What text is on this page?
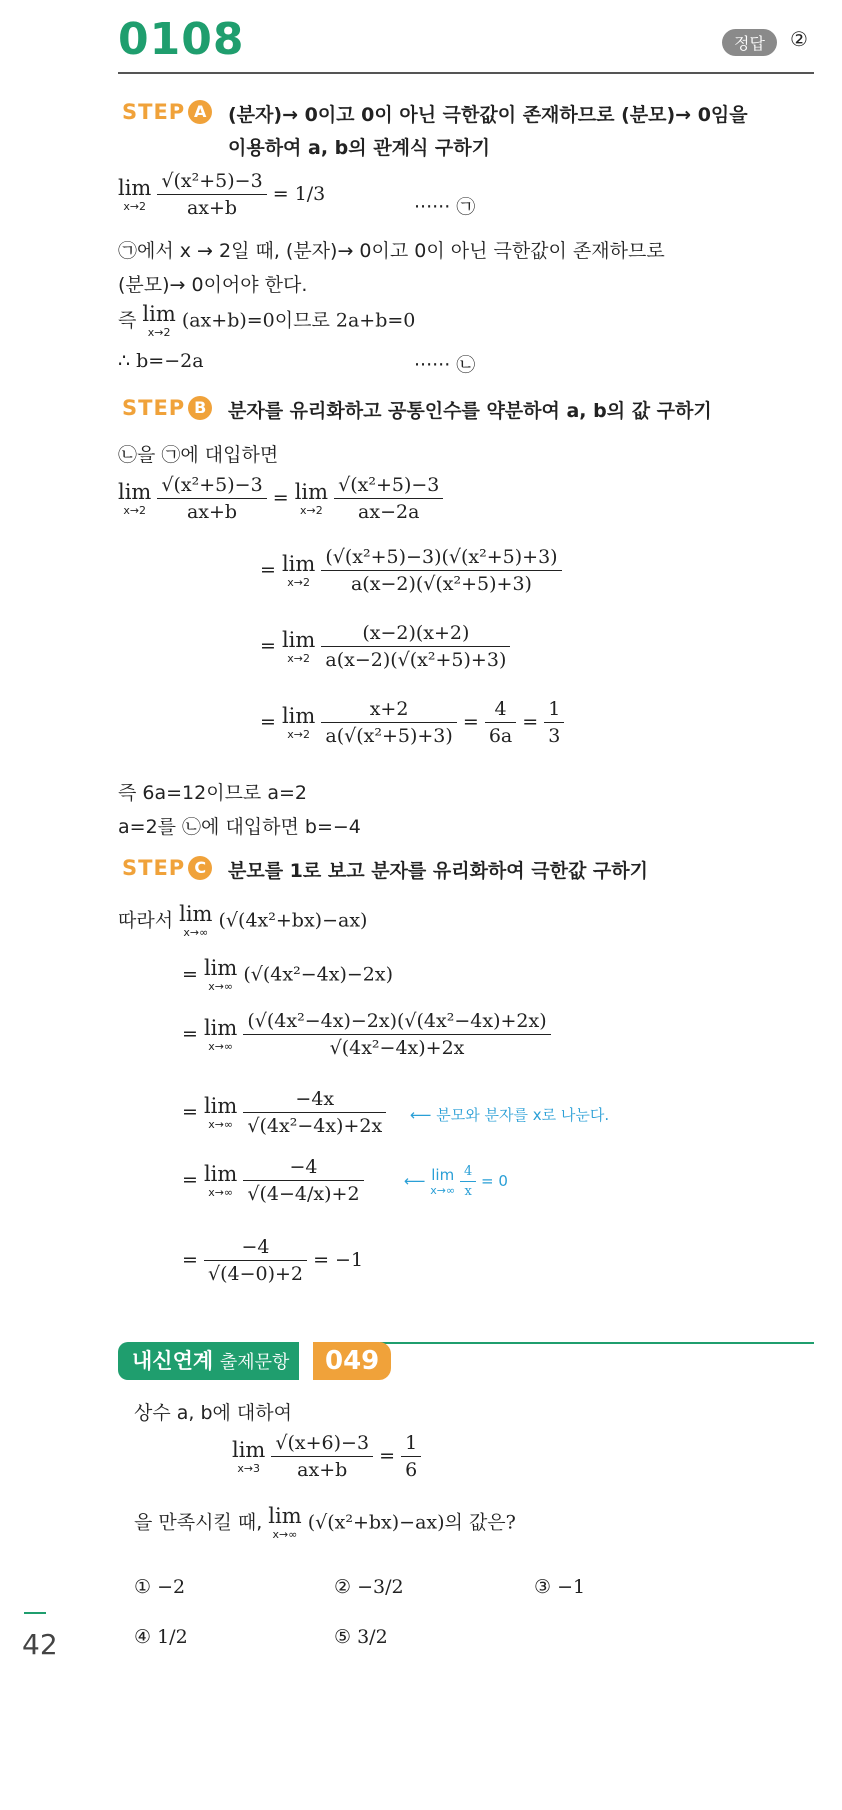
0108	정답	②
STEP A	(분자)→ 0이고 0이 아닌 극한값이 존재하므로 (분모)→ 0임을
이용하여 a, b의 관계식 구하기
lim
x→2
$\frac{\text{√(x²+5)−3}}{ax+b} = 1/3$
······ ㉠
㉠에서 x → 2일 때, (분자)→ 0이고 0이 아닌 극한값이 존재하므로
(분모)→ 0이어야 한다.
즉 lim
x→2
(ax+b)=0이므로 2a+b=0
∴ b=−2a	······ ㉡
STEP B	분자를 유리화하고 공통인수를 약분하여 a, b의 값 구하기
㉡을 ㉠에 대입하면
lim
x→2
$\frac{\text{√(x²+5)−3}}{ax+b} = \lim$
x→2
$\frac{\text{√(x²+5)−3}}{ax-2a}$
= lim
x→2
$\frac{\text{(√(x²+5)−3)(√(x²+5)+3)}}{\text{a(x−2)(√(x²+5)+3)}}$
= lim
x→2
$\frac{(x-2)(x+2)}{\text{a(x−2)(√(x²+5)+3)}}$
= lim
x→2
$\frac{x+2}{\text{a(√(x²+5)+3)}} = \frac{4}{6a} = \frac{1}{3}$
즉 6a=12이므로 a=2
a=2를 ㉡에 대입하면 b=−4
STEP C	분모를 1로 보고 분자를 유리화하여 극한값 구하기
따라서 lim
x→∞
(√(4x²+bx)−ax)
= lim
x→∞
(√(4x²−4x)−2x)
= lim
x→∞
$\frac{\text{(√(4x²−4x)−2x)(√(4x²−4x)+2x)}}{\text{√(4x²−4x)+2x}}$
= lim
x→∞
$\frac{-4x}{\text{√(4x²−4x)+2x}}$ ⟵ 분모와 분자를 x로 나눈다.
= lim
x→∞
$\frac{-4}{√(4-4/x)+2}$	⟵ lim
x→∞
$\frac{4}{x} = 0$
= $\frac{-4}{√(4-0)+2} = -1$
내신연계 출제문항	049
상수 a, b에 대하여
lim
x→3
$\frac{√(x+6)-3}{ax+b} = \frac{1}{6}$
을 만족시킬 때, lim
x→∞
(√(x²+bx)−ax)의 값은?
① −2	② −3/2	③ −1
④ 1/2	⑤ 3/2
42
